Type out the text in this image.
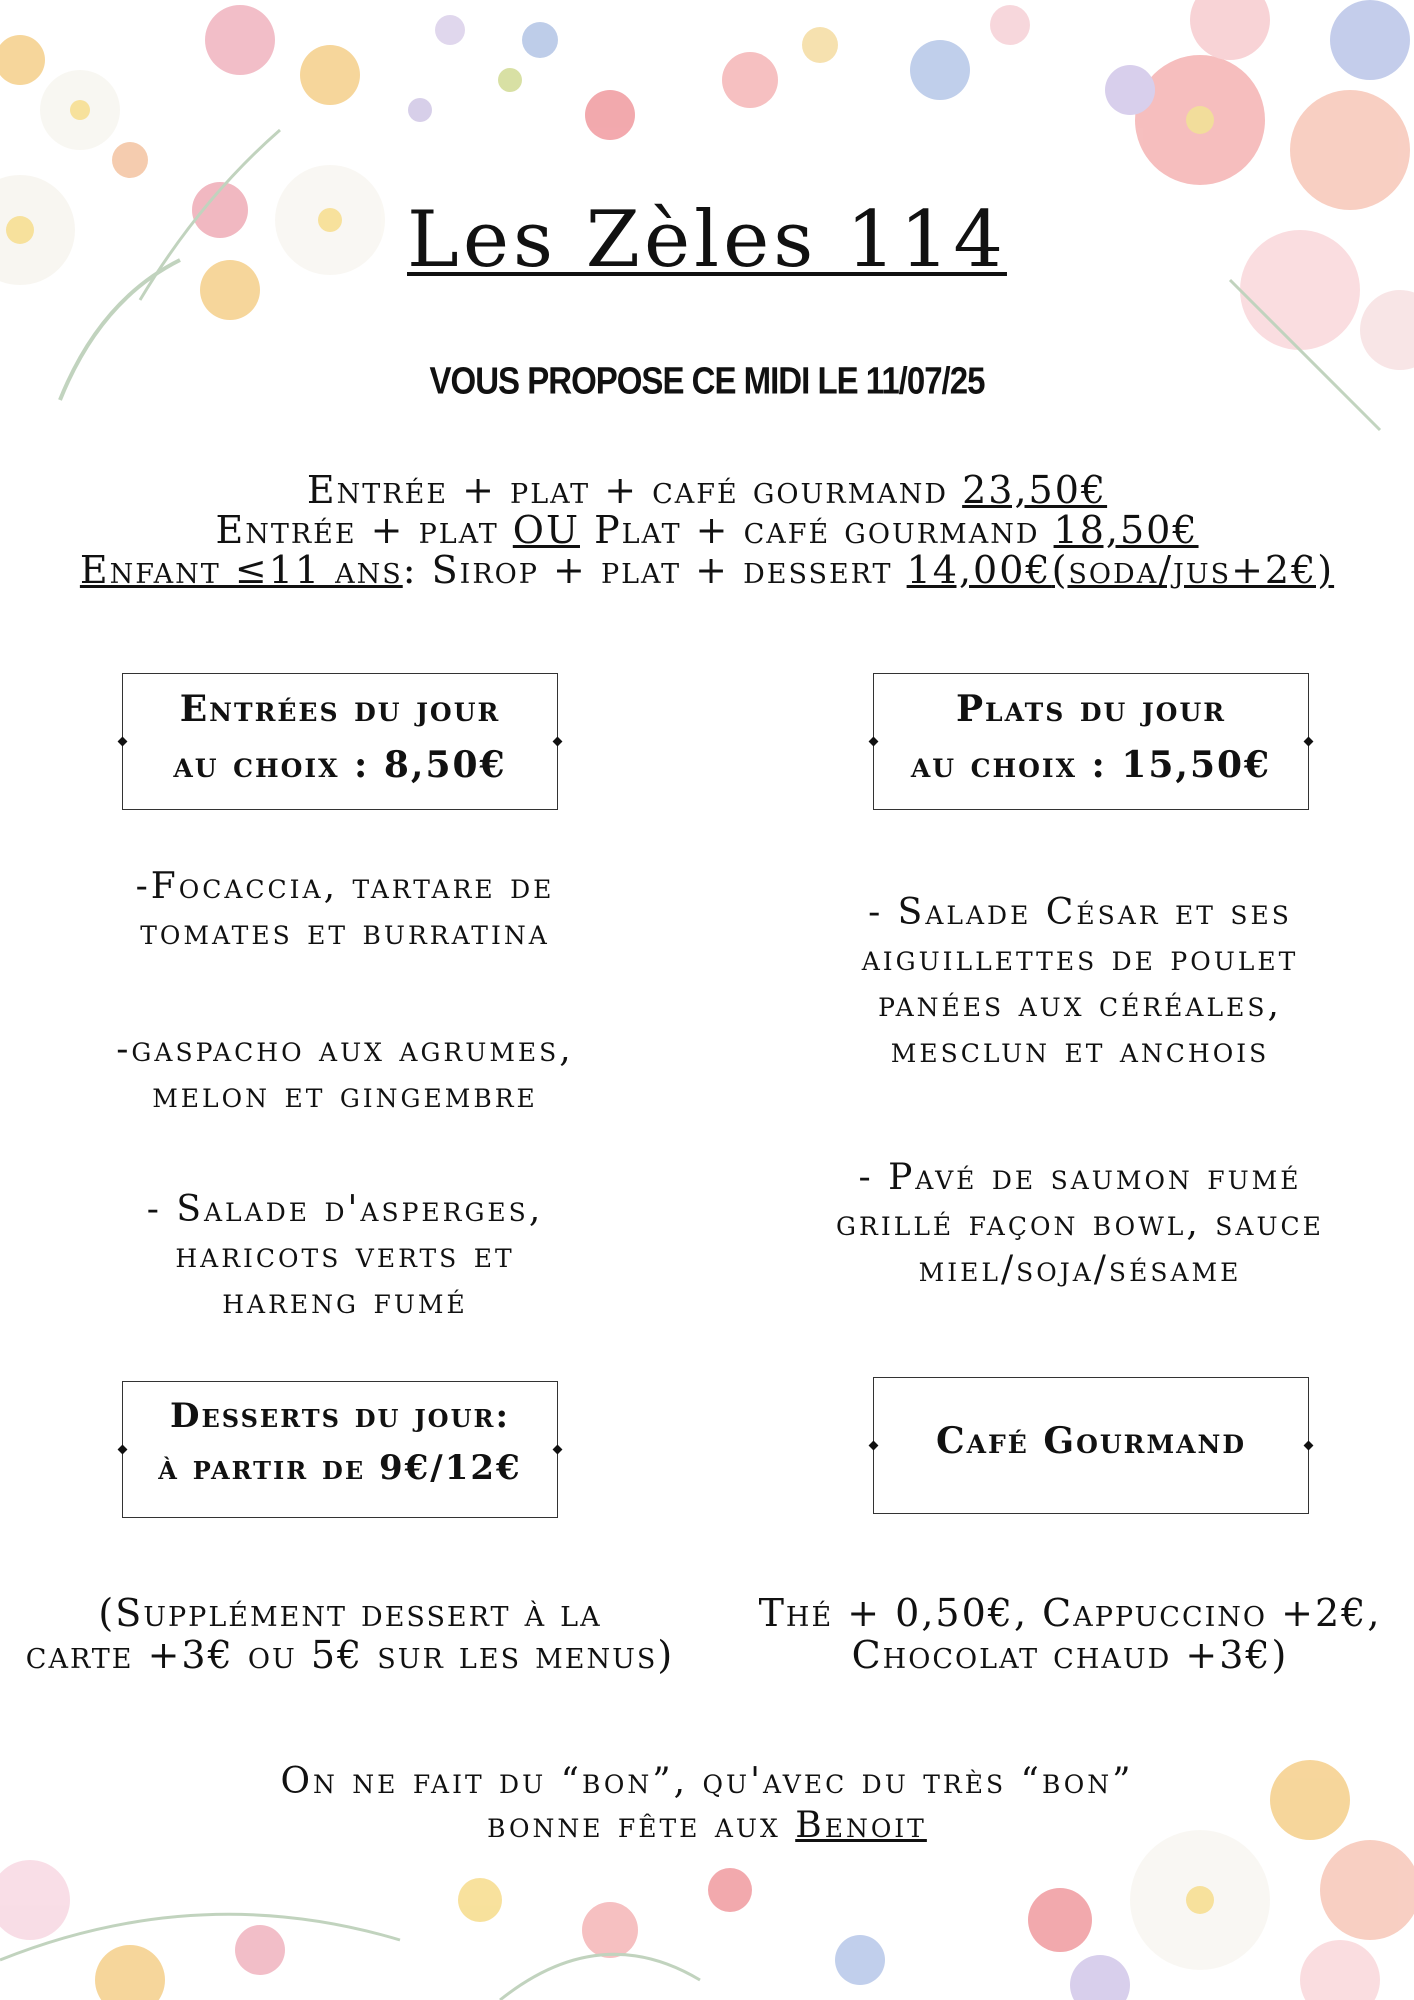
Les Zèles 114
VOUS PROPOSE CE MIDI LE 11/07/25
Entrée + plat + café gourmand 23,50€
Entrée + plat OU Plat + café gourmand 18,50€
Enfant ≤11 ans: Sirop + plat + dessert 14,00€(soda/jus+2€)
Entrées du jour
au choix : 8,50€
Plats du jour
au choix : 15,50€
-Focaccia, tartare de
tomates et burratina
-gaspacho aux agrumes,
melon et gingembre
- Salade d'asperges,
haricots verts et
hareng fumé
- Salade César et ses
aiguillettes de poulet
panées aux céréales,
mesclun et anchois
- Pavé de saumon fumé
grillé façon bowl, sauce
miel/soja/sésame
Desserts du jour:
à partir de 9€/12€
Café Gourmand
(Supplément dessert à la
carte +3€ ou 5€ sur les menus)
Thé + 0,50€, Cappuccino +2€,
Chocolat chaud +3€)
On ne fait du “bon”, qu'avec du très “bon”
bonne fête aux Benoit
